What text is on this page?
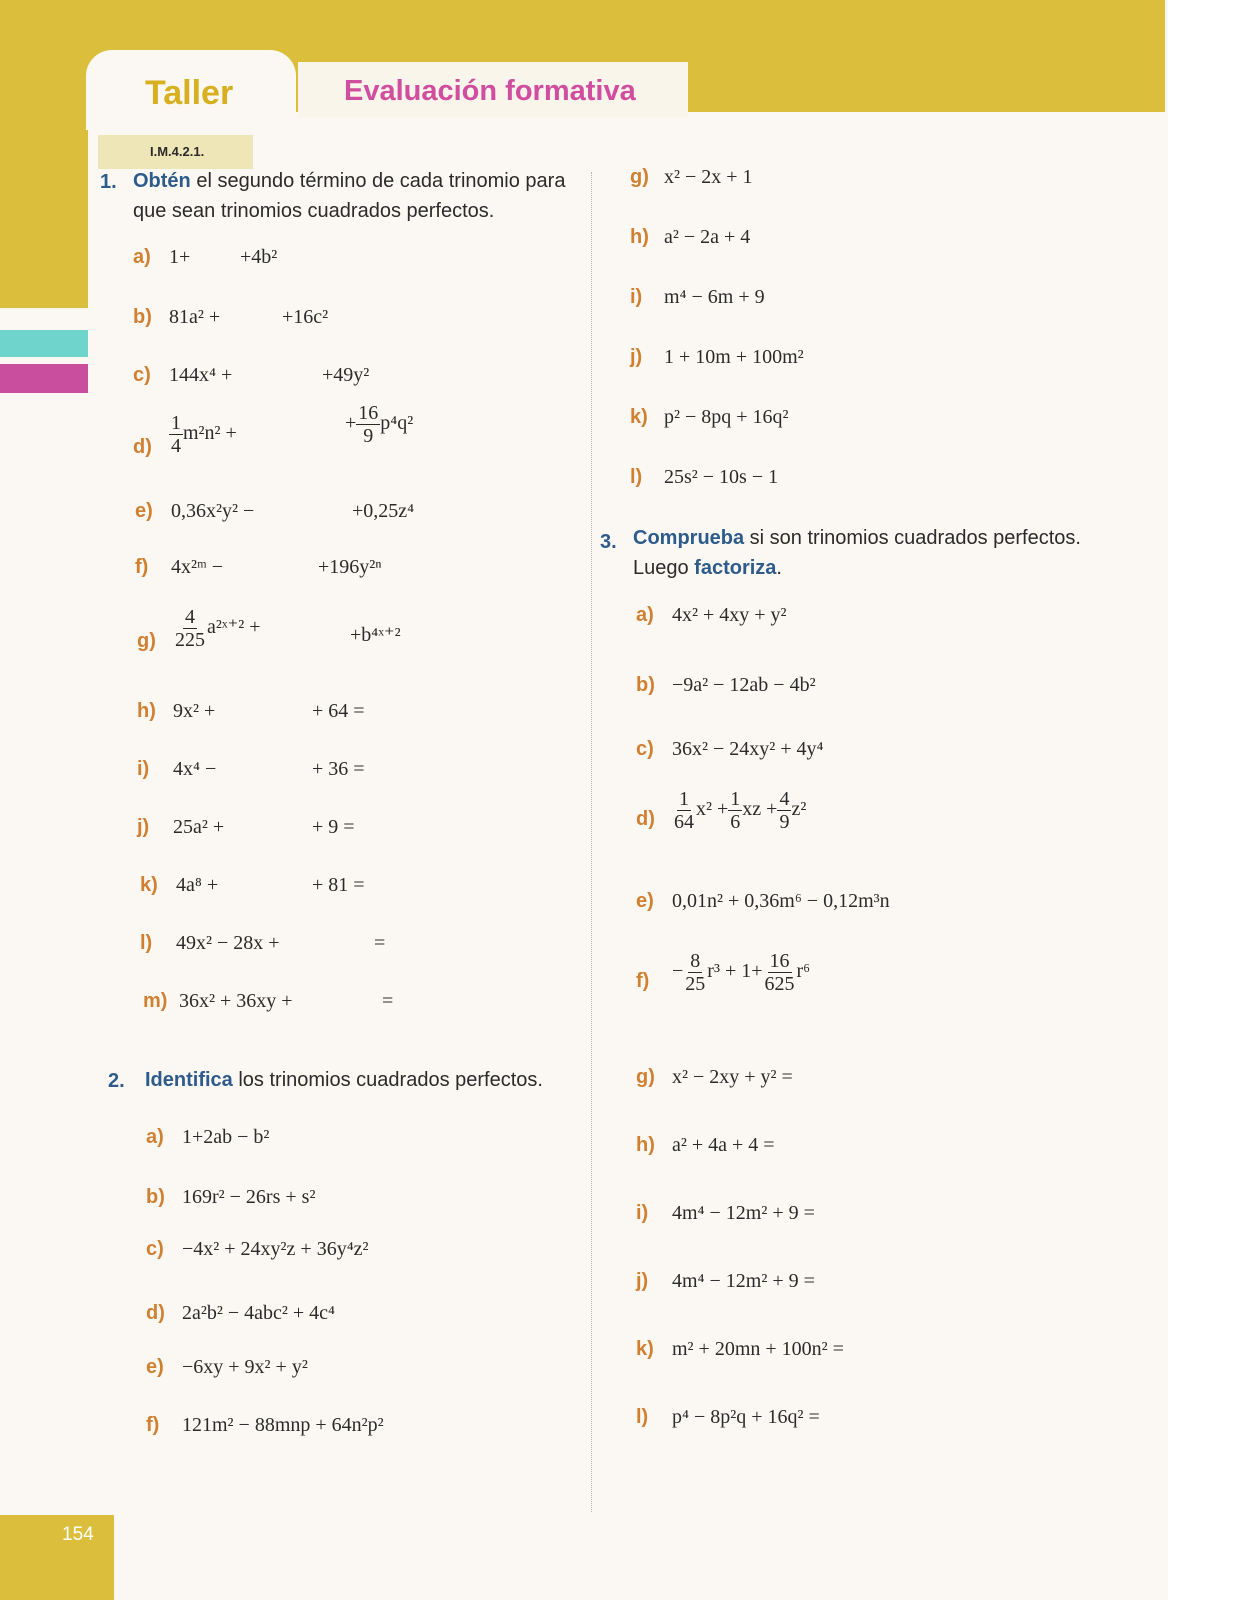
Taller	Evaluación formativa
154
I.M.4.2.1.
1. Obtén el segundo término de cada trinomio para que sean trinomios cuadrados perfectos.
a) 1+ +4b²
b) 81a² +	+16c²
c) 144x⁴ +	+49y²
$d) \frac{1}{4} m^2n^2$ +	+ $\frac{16}{9} p^4q^2$
e) 0,36x²y² −	+0,25z⁴
f) 4x²ᵐ −	+196y²ⁿ
$g) \frac{4}{225}$ a²ˣ⁺² +	+b⁴ˣ⁺²
h) 9x² +	+ 64 =
i) 4x⁴ −	+ 36 =
j) 25a² +	+ 9 =
k) 4a⁸ +	+ 81 =
l) 49x² − 28x +	=
m) 36x² + 36xy +	=
2. Identifica los trinomios cuadrados perfectos.
a) 1+2ab − b²
b) 169r² − 26rs + s²
c) −4x² + 24xy²z + 36y⁴z²
d) 2a²b² − 4abc² + 4c⁴
e) −6xy + 9x² + y²
f) 121m² − 88mnp + 64n²p²
g) x² − 2x + 1
h) a² − 2a + 4
i) m⁴ − 6m + 9
j) 1 + 10m + 100m²
k) p² − 8pq + 16q²
l) 25s² − 10s − 1
3. Comprueba si son trinomios cuadrados perfectos. Luego factoriza.
a) 4x² + 4xy + y²
b) −9a² − 12ab − 4b²
c) 36x² − 24xy² + 4y⁴
$d) \frac{1}{64} x^2 + \frac{1}{6}$ xz + $\frac{4}{9} z^2$
e) 0,01n² + 0,36m⁶ − 0,12m³n
$f) - \frac{8}{25} r^3 + 1+ \frac{16}{625} r^6$
g) x² − 2xy + y² =
h) a² + 4a + 4 =
i) 4m⁴ − 12m² + 9 =
j) 4m⁴ − 12m² + 9 =
k) m² + 20mn + 100n² =
l) p⁴ − 8p²q + 16q² =
